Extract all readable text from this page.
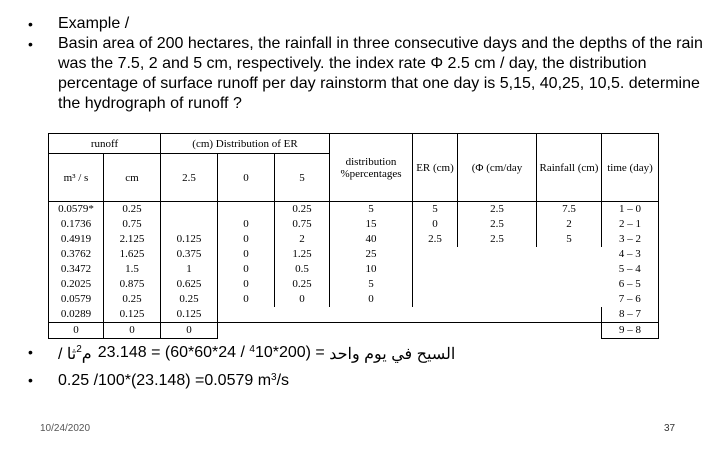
•	Example /
•	Basin area of 200 hectares, the rainfall in three consecutive days and the depths of the rain was the 7.5, 2 and 5 cm, respectively. the index rate Φ 2.5 cm / day, the distribution percentage of surface runoff per day rainstorm that one day is 5,15, 40,25, 10,5. determine the hydrograph of runoff ?
runoff		(cm) Distribution of ER			distribution %percentages	ER (cm)	(Φ (cm/day	Rainfall (cm)	time (day)
m³ / s	cm	2.5	0	5					
0.0579*	0.25			0.25	5	5	2.5	7.5	1 – 0
0.1736	0.75		0	0.75	15	0	2.5	2	2 – 1
0.4919	2.125	0.125	0	2	40	2.5	2.5	5	3 – 2
0.3762	1.625	0.375	0	1.25	25				4 – 3
0.3472	1.5	1	0	0.5	10				5 – 4
0.2025	0.875	0.625	0	0.25	5				6 – 5
0.0579	0.25	0.25	0	0	0				7 – 6
0.0289	0.125	0.125							8 – 7
0	0	0							9 – 8
•	/ ثا 2 م 23.148 = (60*60*24 / 4 10*200) = السيح في يوم واحد
•	0.25 /100*(23.148) =0.0579 m 3 /s
10/24/2020	37
